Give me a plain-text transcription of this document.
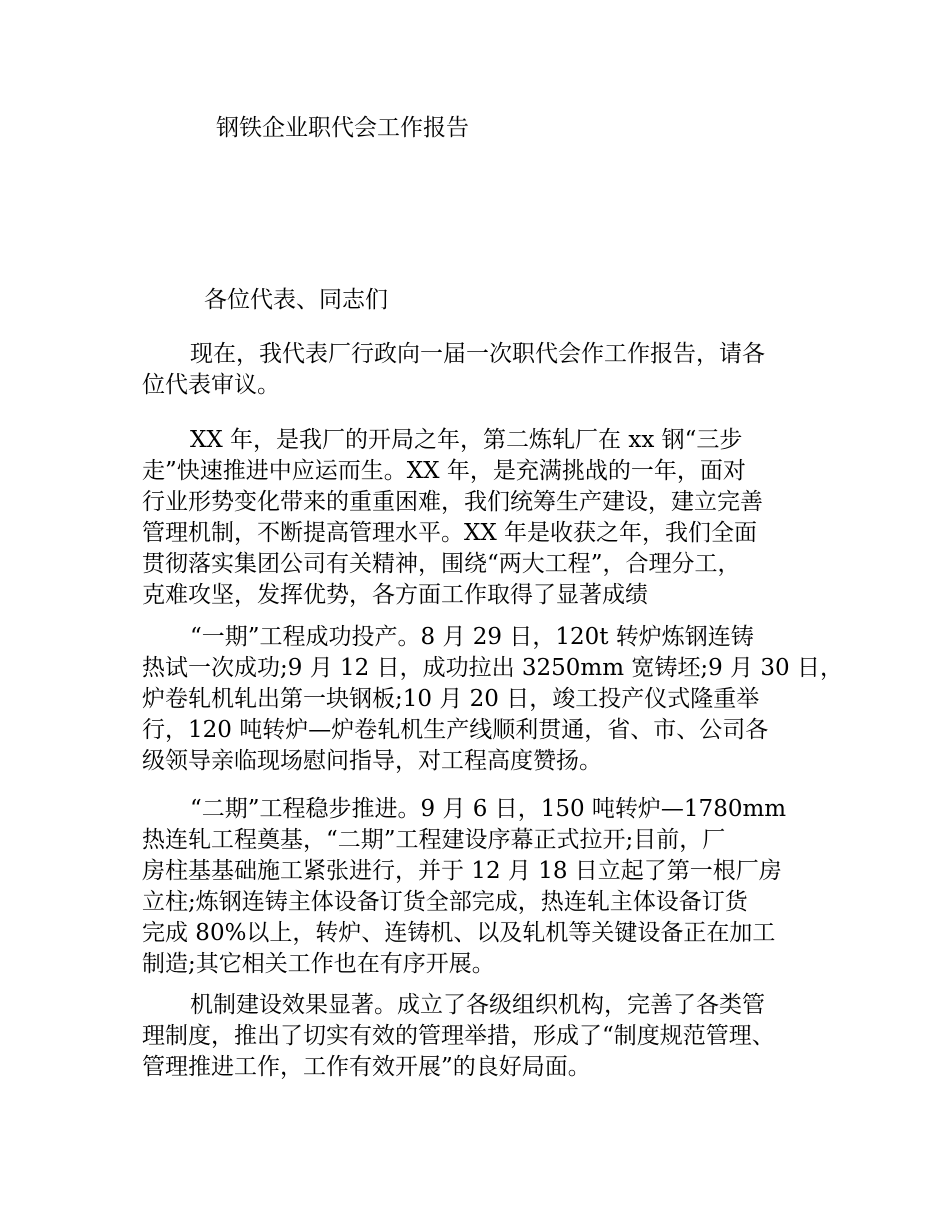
钢铁企业职代会工作报告
各位代表、同志们
现在，我代表厂行政向一届一次职代会作工作报告，请各
位代表审议。
XX 年，是我厂的开局之年，第二炼轧厂在 xx 钢“三步
走”快速推进中应运而生。XX 年，是充满挑战的一年，面对
行业形势变化带来的重重困难，我们统筹生产建设，建立完善
管理机制，不断提高管理水平。XX 年是收获之年，我们全面
贯彻落实集团公司有关精神，围绕“两大工程”，合理分工，
克难攻坚，发挥优势，各方面工作取得了显著成绩
“一期”工程成功投产。8 月 29 日，120t 转炉炼钢连铸
热试一次成功;9 月 12 日，成功拉出 3250mm 宽铸坯;9 月 30 日，
炉卷轧机轧出第一块钢板;10 月 20 日，竣工投产仪式隆重举
行，120 吨转炉—炉卷轧机生产线顺利贯通，省、市、公司各
级领导亲临现场慰问指导，对工程高度赞扬。
“二期”工程稳步推进。9 月 6 日，150 吨转炉—1780mm
热连轧工程奠基，“二期”工程建设序幕正式拉开;目前，厂
房柱基基础施工紧张进行，并于 12 月 18 日立起了第一根厂房
立柱;炼钢连铸主体设备订货全部完成，热连轧主体设备订货
完成 80%以上，转炉、连铸机、以及轧机等关键设备正在加工
制造;其它相关工作也在有序开展。
机制建设效果显著。成立了各级组织机构，完善了各类管
理制度，推出了切实有效的管理举措，形成了“制度规范管理、
管理推进工作，工作有效开展”的良好局面。
